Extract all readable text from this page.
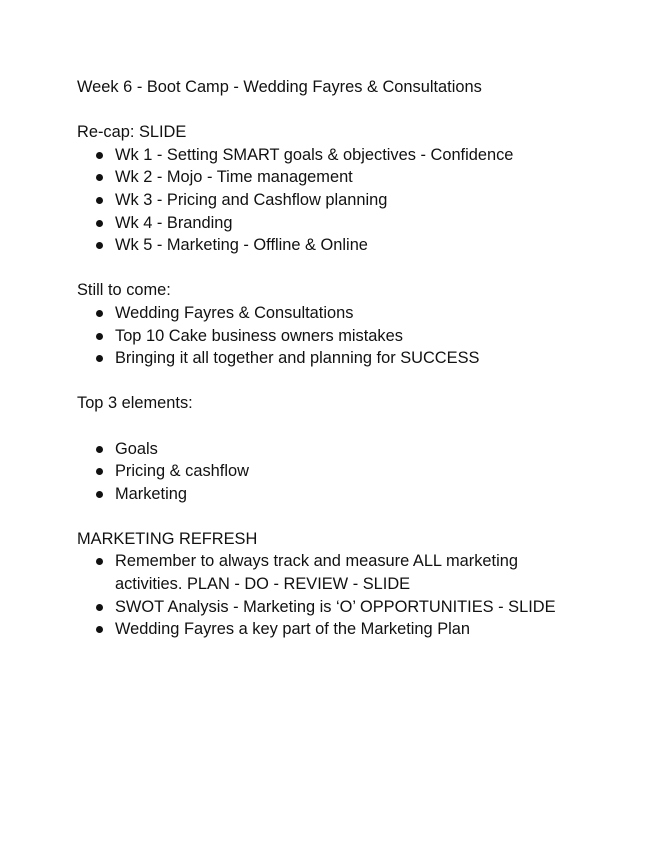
Week 6 - Boot Camp - Wedding Fayres & Consultations

Re-cap: SLIDE

Wk 1 - Setting SMART goals & objectives - Confidence
Wk 2 - Mojo - Time management
Wk 3 - Pricing and Cashflow planning
Wk 4 - Branding
Wk 5 - Marketing - Offline & Online

Still to come:

Wedding Fayres & Consultations
Top 10 Cake business owners mistakes
Bringing it all together and planning for SUCCESS

Top 3 elements:

Goals
Pricing & cashflow
Marketing

MARKETING REFRESH

Remember to always track and measure ALL marketing
activities. PLAN - DO - REVIEW - SLIDE
SWOT Analysis - Marketing is ‘O’ OPPORTUNITIES - SLIDE
Wedding Fayres a key part of the Marketing Plan
